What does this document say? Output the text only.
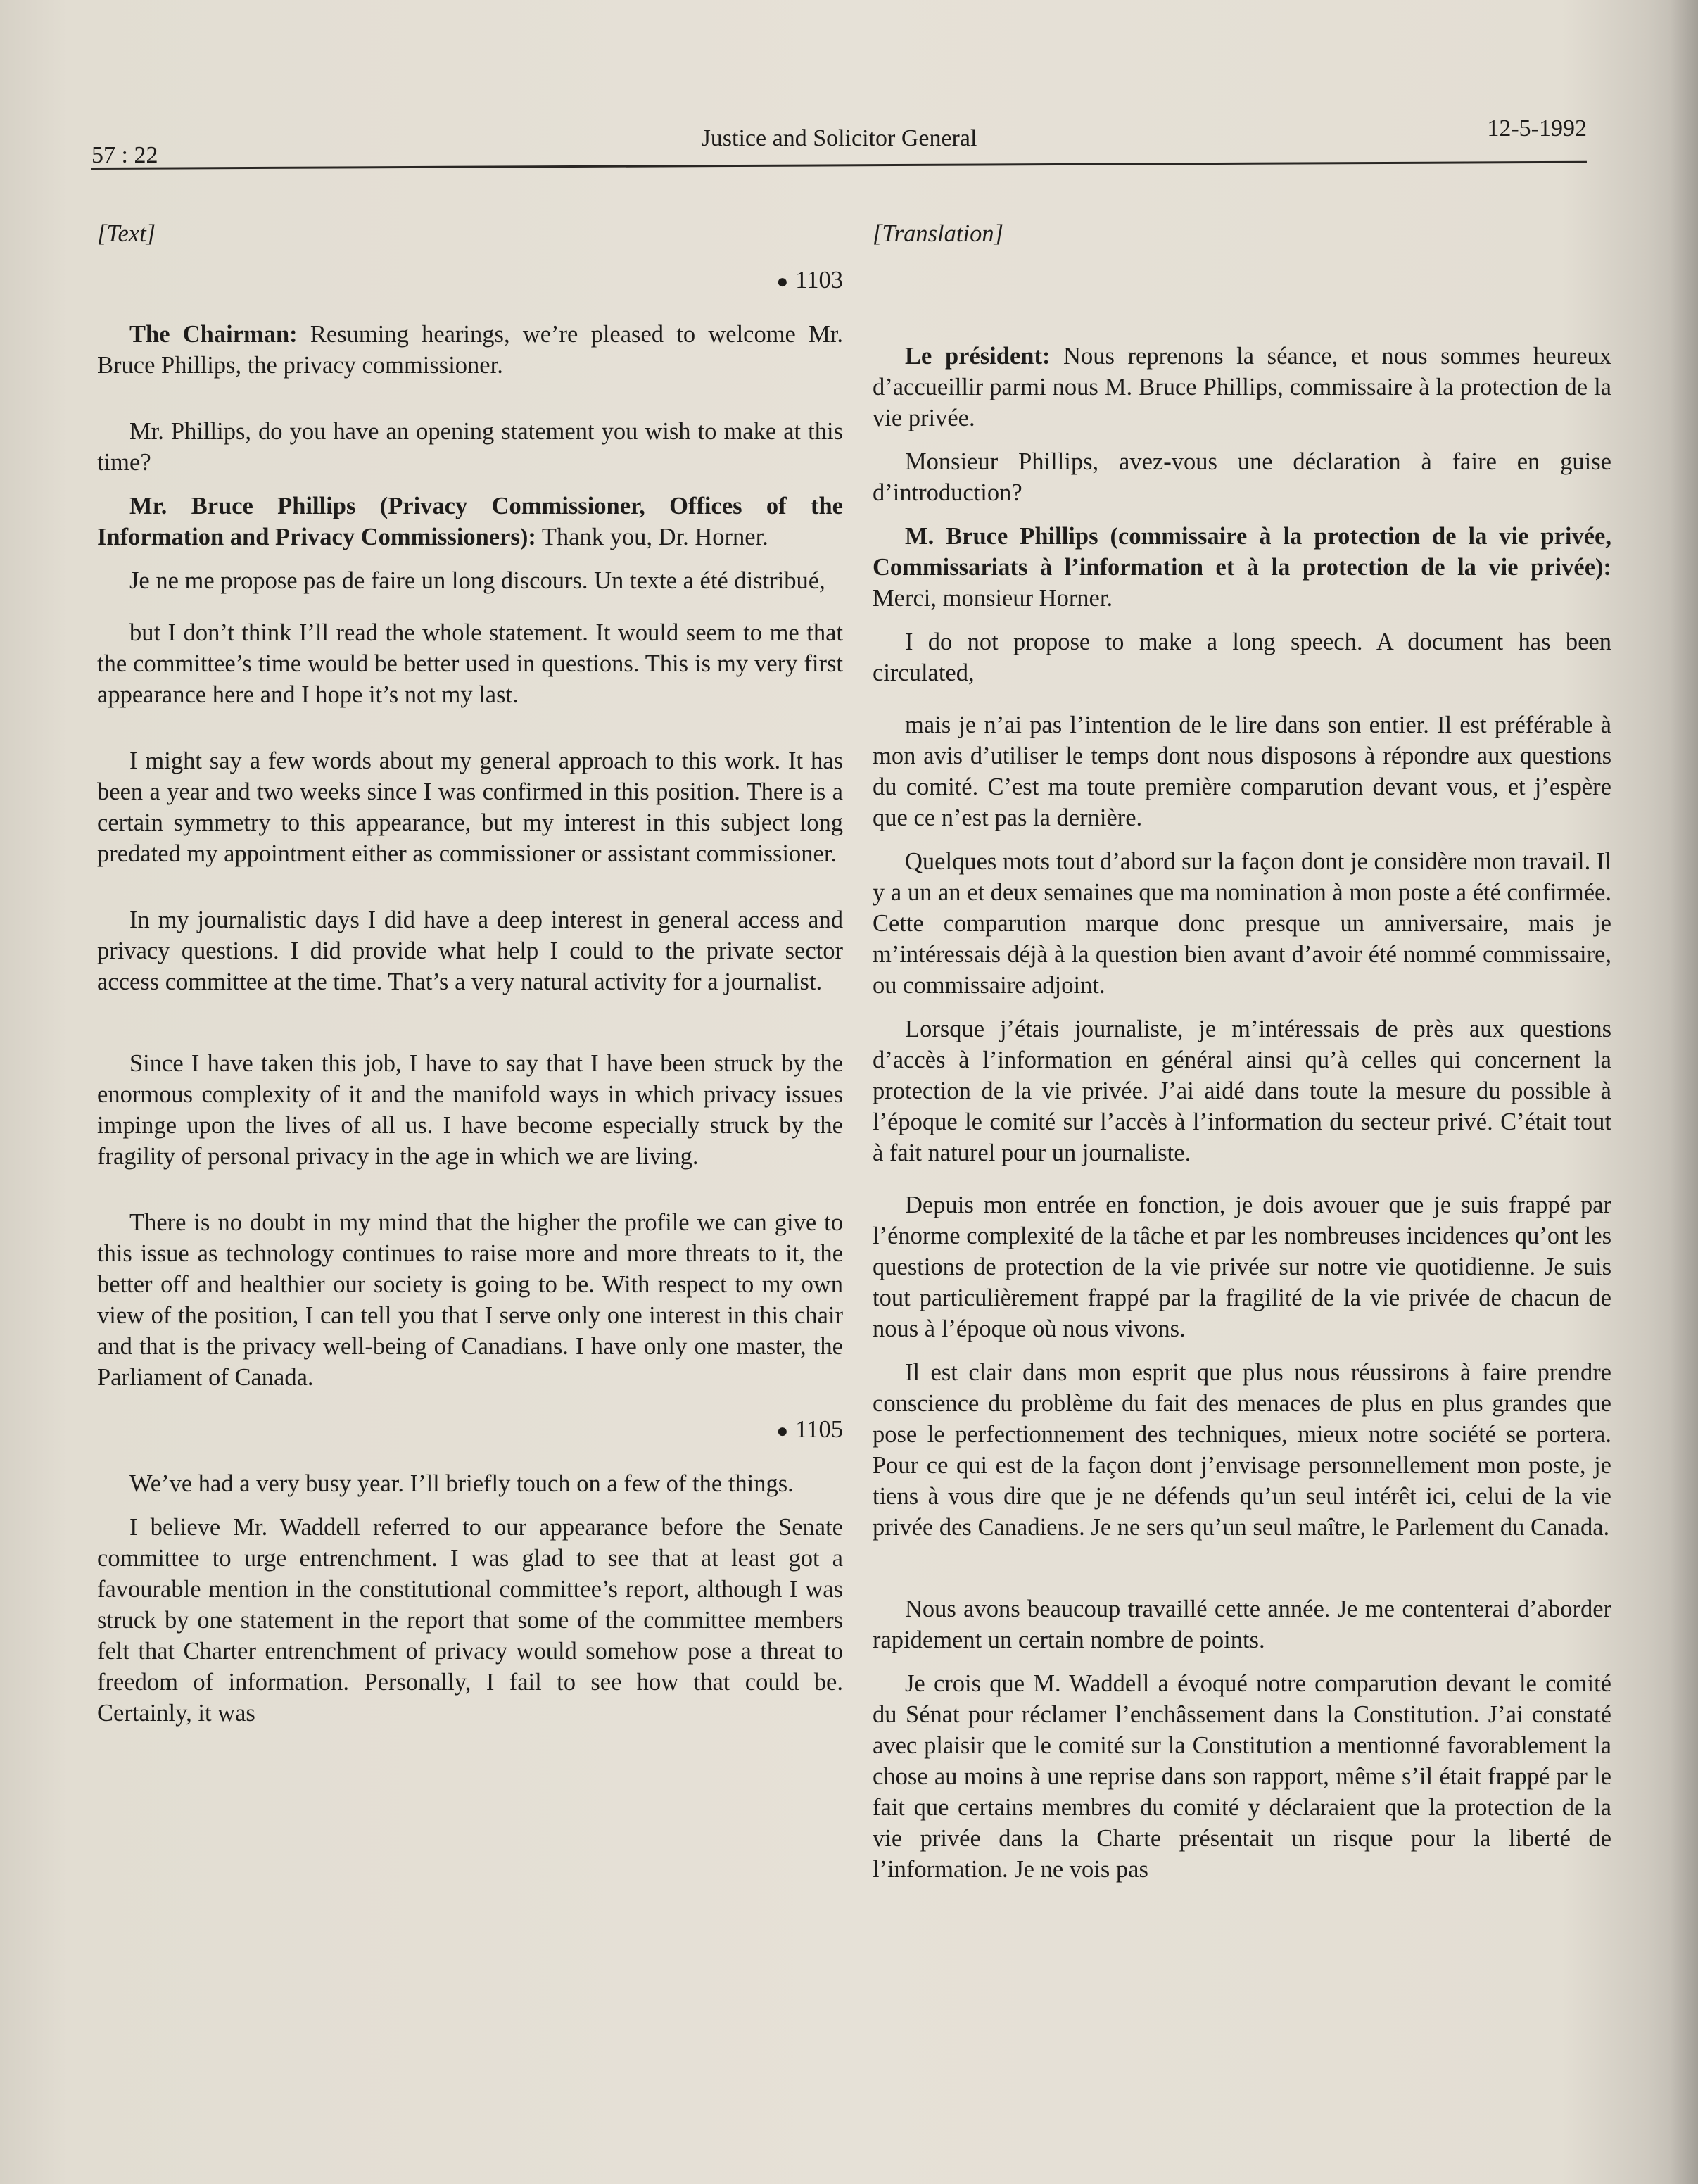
57 : 22
Justice and Solicitor General	12-5-1992
[Text]
● 1103

The Chairman: Resuming hearings, we’re pleased to welcome Mr. Bruce Phillips, the privacy commissioner.

Mr. Phillips, do you have an opening statement you wish to make at this time?

Mr. Bruce Phillips (Privacy Commissioner, Offices of the Information and Privacy Commissioners): Thank you, Dr. Horner.

Je ne me propose pas de faire un long discours. Un texte a été distribué,

but I don’t think I’ll read the whole statement. It would seem to me that the committee’s time would be better used in questions. This is my very first appearance here and I hope it’s not my last.

I might say a few words about my general approach to this work. It has been a year and two weeks since I was confirmed in this position. There is a certain symmetry to this appearance, but my interest in this subject long predated my appointment either as commissioner or assistant commissioner.

In my journalistic days I did have a deep interest in general access and privacy questions. I did provide what help I could to the private sector access committee at the time. That’s a very natural activity for a journalist.

Since I have taken this job, I have to say that I have been struck by the enormous complexity of it and the manifold ways in which privacy issues impinge upon the lives of all us. I have become especially struck by the fragility of personal privacy in the age in which we are living.

There is no doubt in my mind that the higher the profile we can give to this issue as technology continues to raise more and more threats to it, the better off and healthier our society is going to be. With respect to my own view of the position, I can tell you that I serve only one interest in this chair and that is the privacy well-being of Canadians. I have only one master, the Parliament of Canada.

● 1105

We’ve had a very busy year. I’ll briefly touch on a few of the things.

I believe Mr. Waddell referred to our appearance before the Senate committee to urge entrenchment. I was glad to see that at least got a favourable mention in the constitutional committee’s report, although I was struck by one statement in the report that some of the committee members felt that Charter entrenchment of privacy would somehow pose a threat to freedom of information. Personally, I fail to see how that could be. Certainly, it was

[Translation]

Le président: Nous reprenons la séance, et nous sommes heureux d’accueillir parmi nous M. Bruce Phillips, commissaire à la protection de la vie privée.

Monsieur Phillips, avez-vous une déclaration à faire en guise d’introduction?

M. Bruce Phillips (commissaire à la protection de la vie privée, Commissariats à l’information et à la protection de la vie privée): Merci, monsieur Horner.

I do not propose to make a long speech. A document has been circulated,

mais je n’ai pas l’intention de le lire dans son entier. Il est préférable à mon avis d’utiliser le temps dont nous disposons à répondre aux questions du comité. C’est ma toute première comparution devant vous, et j’espère que ce n’est pas la dernière.

Quelques mots tout d’abord sur la façon dont je considère mon travail. Il y a un an et deux semaines que ma nomination à mon poste a été confirmée. Cette comparution marque donc presque un anniversaire, mais je m’intéressais déjà à la question bien avant d’avoir été nommé commissaire, ou commissaire adjoint.

Lorsque j’étais journaliste, je m’intéressais de près aux questions d’accès à l’information en général ainsi qu’à celles qui concernent la protection de la vie privée. J’ai aidé dans toute la mesure du possible à l’époque le comité sur l’accès à l’information du secteur privé. C’était tout à fait naturel pour un journaliste.

Depuis mon entrée en fonction, je dois avouer que je suis frappé par l’énorme complexité de la tâche et par les nombreuses incidences qu’ont les questions de protection de la vie privée sur notre vie quotidienne. Je suis tout particulièrement frappé par la fragilité de la vie privée de chacun de nous à l’époque où nous vivons.

Il est clair dans mon esprit que plus nous réussirons à faire prendre conscience du problème du fait des menaces de plus en plus grandes que pose le perfectionnement des techniques, mieux notre société se portera. Pour ce qui est de la façon dont j’envisage personnellement mon poste, je tiens à vous dire que je ne défends qu’un seul intérêt ici, celui de la vie privée des Canadiens. Je ne sers qu’un seul maître, le Parlement du Canada.

Nous avons beaucoup travaillé cette année. Je me contenterai d’aborder rapidement un certain nombre de points.

Je crois que M. Waddell a évoqué notre comparution devant le comité du Sénat pour réclamer l’enchâssement dans la Constitution. J’ai constaté avec plaisir que le comité sur la Constitution a mentionné favorablement la chose au moins à une reprise dans son rapport, même s’il était frappé par le fait que certains membres du comité y déclaraient que la protection de la vie privée dans la Charte présentait un risque pour la liberté de l’information. Je ne vois pas
